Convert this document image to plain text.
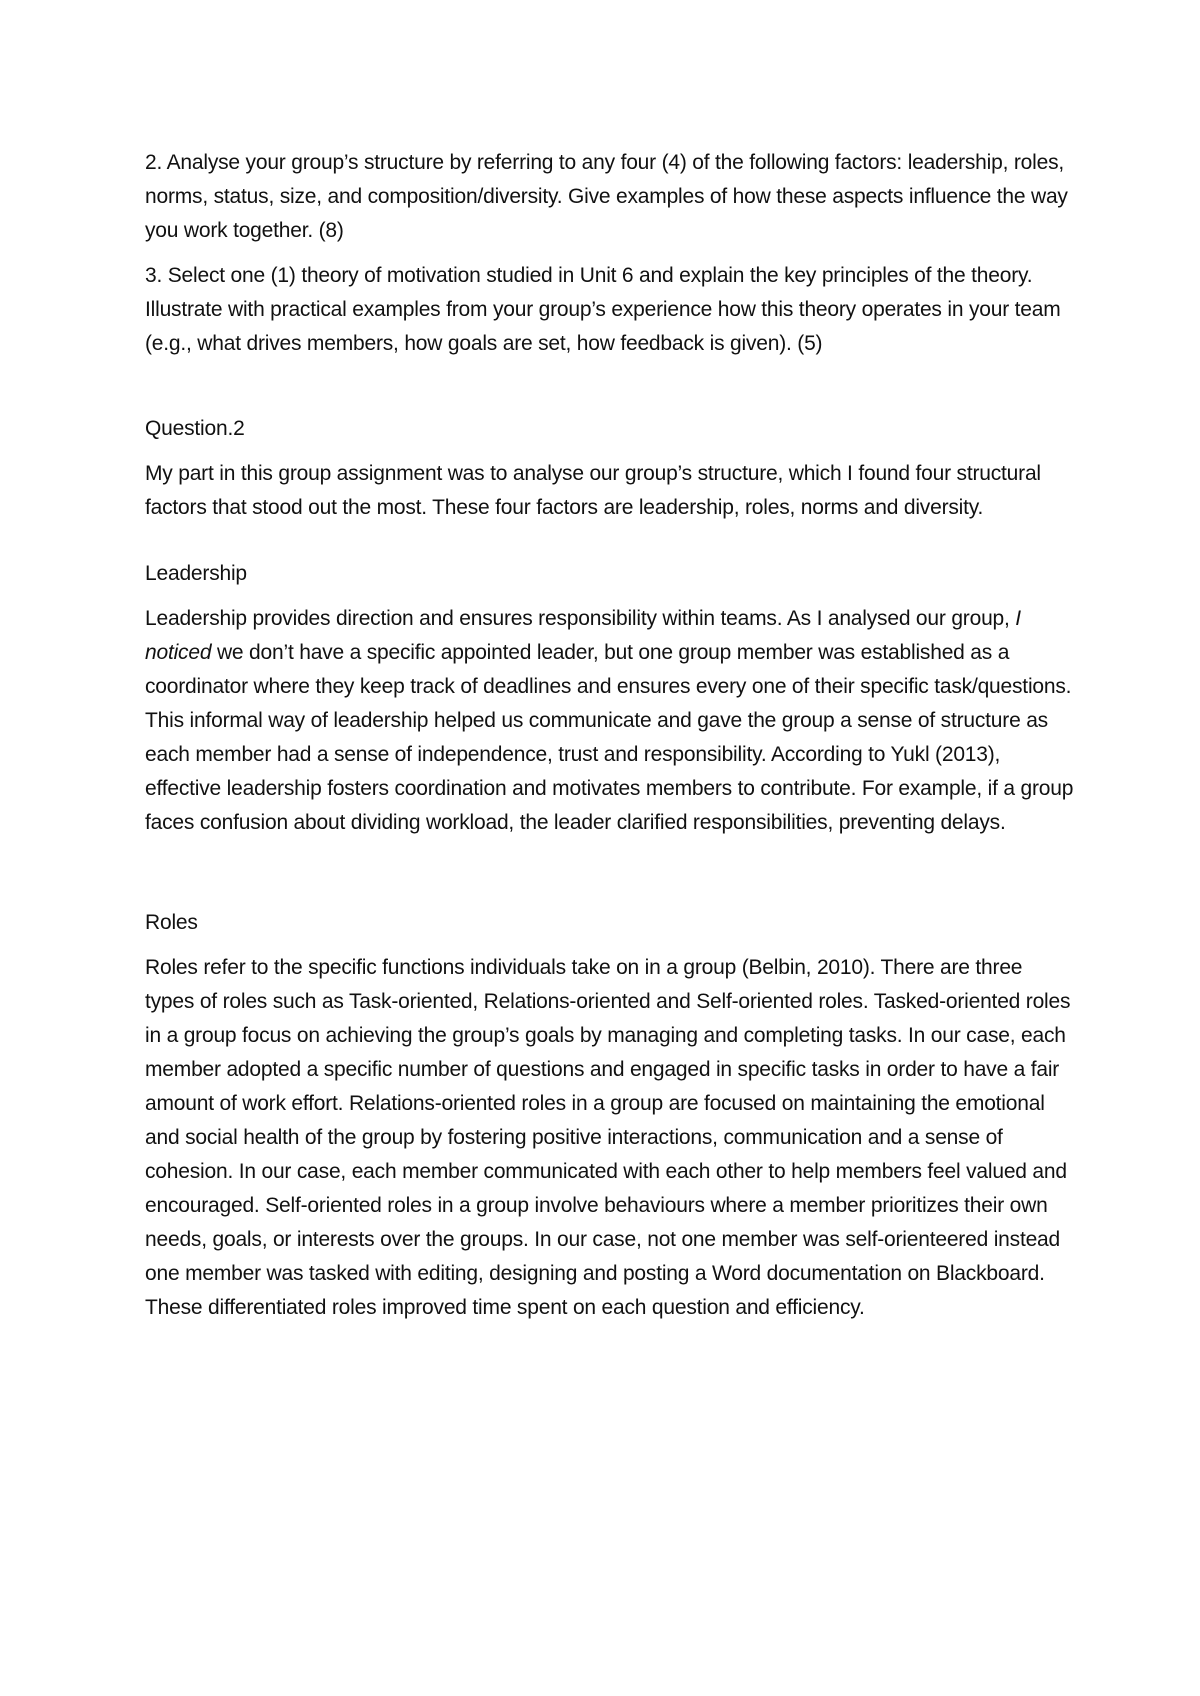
2. Analyse your group’s structure by referring to any four (4) of the following factors: leadership, roles, norms, status, size, and composition/diversity. Give examples of how these aspects influence the way you work together. (8)

3. Select one (1) theory of motivation studied in Unit 6 and explain the key principles of the theory. Illustrate with practical examples from your group’s experience how this theory operates in your team (e.g., what drives members, how goals are set, how feedback is given). (5)

Question.2

My part in this group assignment was to analyse our group’s structure, which I found four structural factors that stood out the most. These four factors are leadership, roles, norms and diversity.

Leadership

Leadership provides direction and ensures responsibility within teams. As I analysed our group, I noticed we don’t have a specific appointed leader, but one group member was established as a coordinator where they keep track of deadlines and ensures every one of their specific task/questions. This informal way of leadership helped us communicate and gave the group a sense of structure as each member had a sense of independence, trust and responsibility. According to Yukl (2013), effective leadership fosters coordination and motivates members to contribute. For example, if a group faces confusion about dividing workload, the leader clarified responsibilities, preventing delays.

Roles

Roles refer to the specific functions individuals take on in a group (Belbin, 2010). There are three types of roles such as Task-oriented, Relations-oriented and Self-oriented roles. Tasked-oriented roles in a group focus on achieving the group’s goals by managing and completing tasks. In our case, each member adopted a specific number of questions and engaged in specific tasks in order to have a fair amount of work effort. Relations-oriented roles in a group are focused on maintaining the emotional and social health of the group by fostering positive interactions, communication and a sense of cohesion. In our case, each member communicated with each other to help members feel valued and encouraged. Self-oriented roles in a group involve behaviours where a member prioritizes their own needs, goals, or interests over the groups. In our case, not one member was self-orienteered instead one member was tasked with editing, designing and posting a Word documentation on Blackboard. These differentiated roles improved time spent on each question and efficiency.
